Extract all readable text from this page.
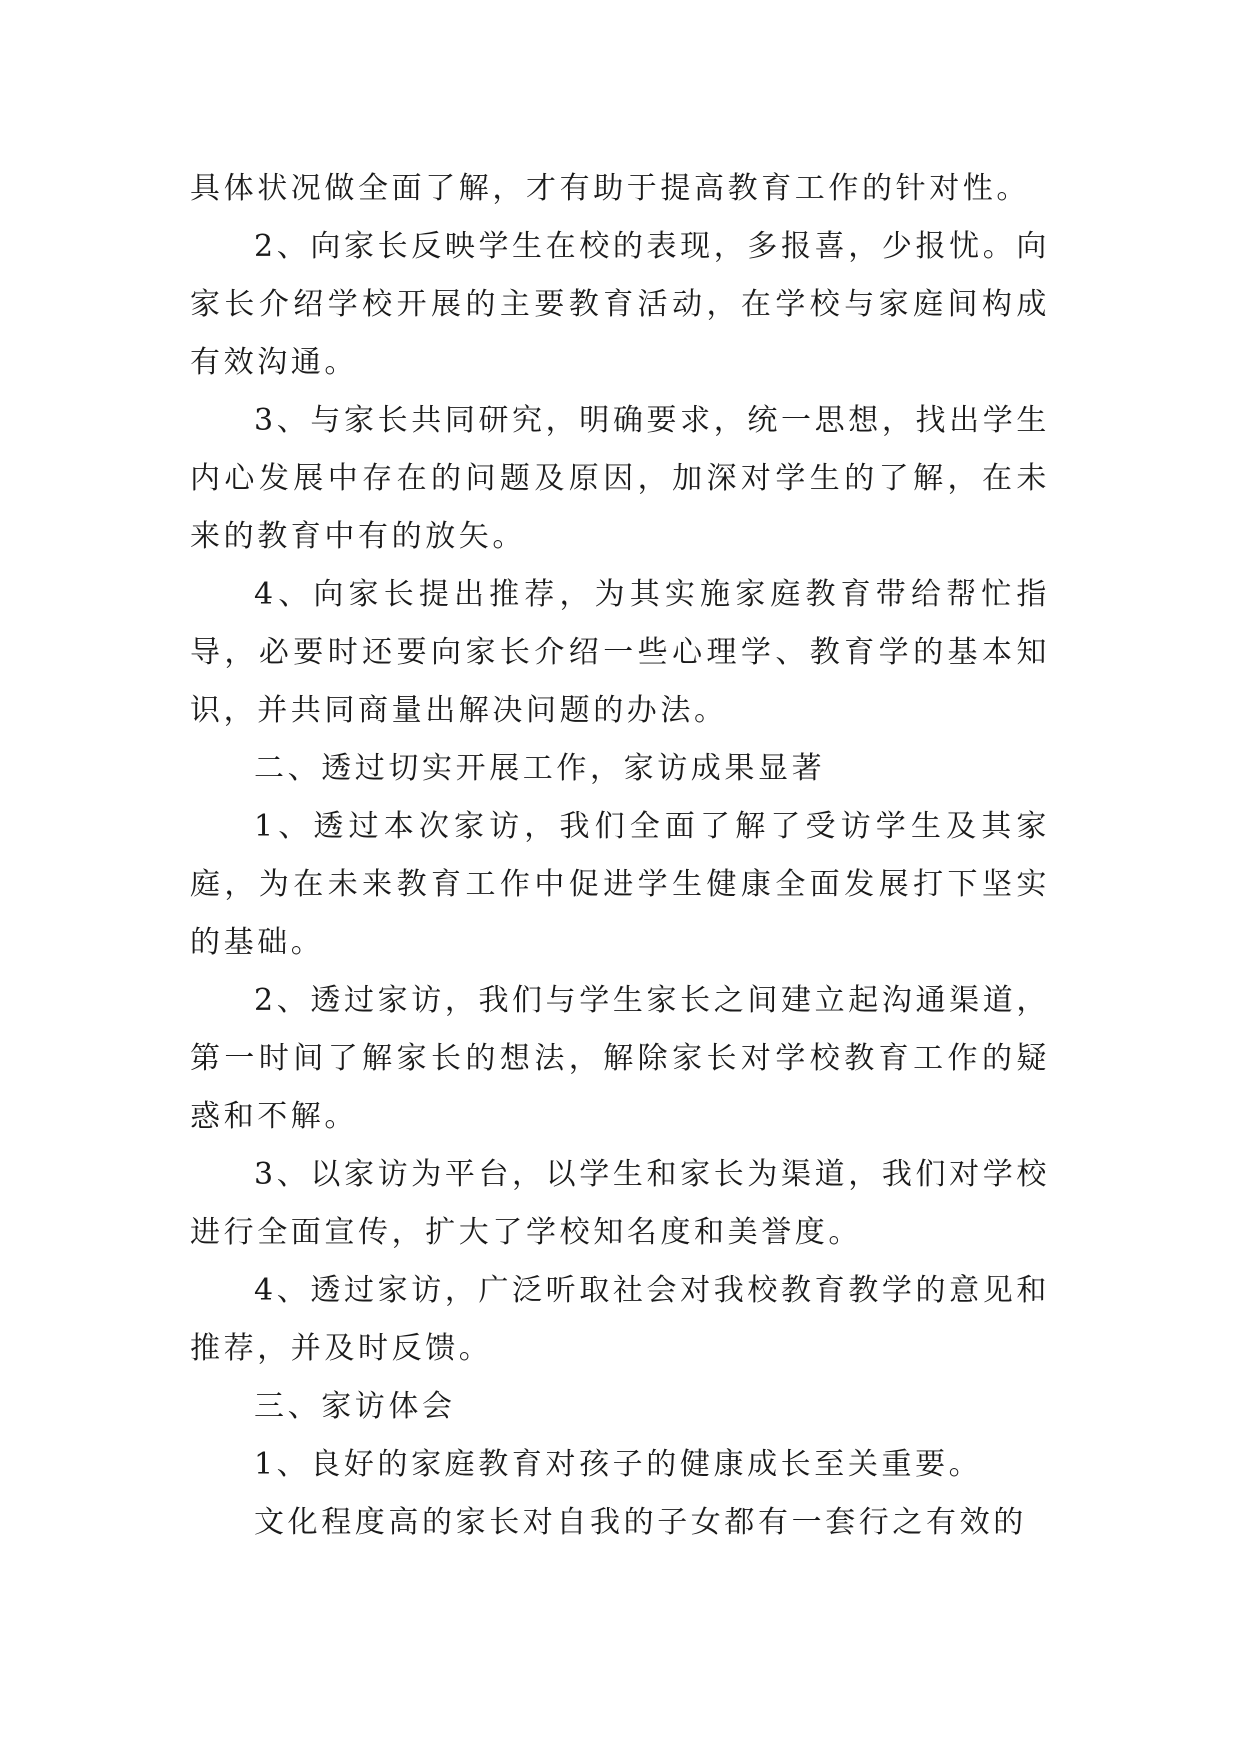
具体状况做全面了解，才有助于提高教育工作的针对性。

2、向家长反映学生在校的表现，多报喜，少报忧。向家长介绍学校开展的主要教育活动，在学校与家庭间构成有效沟通。

3、与家长共同研究，明确要求，统一思想，找出学生内心发展中存在的问题及原因，加深对学生的了解，在未来的教育中有的放矢。

4、向家长提出推荐，为其实施家庭教育带给帮忙指导，必要时还要向家长介绍一些心理学、教育学的基本知识，并共同商量出解决问题的办法。

二、透过切实开展工作，家访成果显著

1、透过本次家访，我们全面了解了受访学生及其家庭，为在未来教育工作中促进学生健康全面发展打下坚实的基础。

2、透过家访，我们与学生家长之间建立起沟通渠道，第一时间了解家长的想法，解除家长对学校教育工作的疑惑和不解。

3、以家访为平台，以学生和家长为渠道，我们对学校进行全面宣传，扩大了学校知名度和美誉度。

4、透过家访，广泛听取社会对我校教育教学的意见和推荐，并及时反馈。

三、家访体会

1、良好的家庭教育对孩子的健康成长至关重要。

文化程度高的家长对自我的子女都有一套行之有效的
